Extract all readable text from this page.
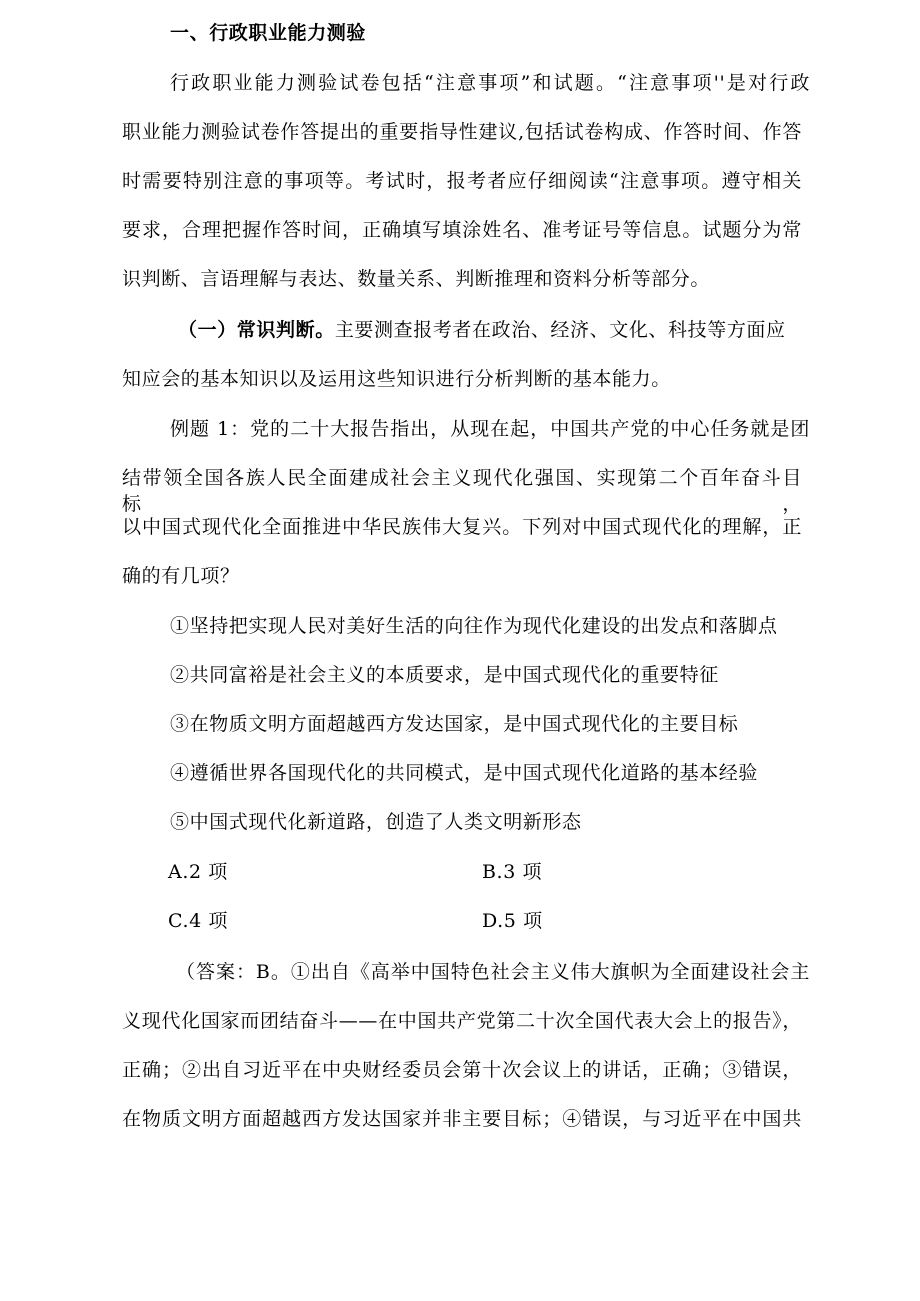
一、行政职业能力测验
行政职业能力测验试卷包括“注意事项”和试题。“注意事项''是对行政
职业能力测验试卷作答提出的重要指导性建议,包括试卷构成、作答时间、作答
时需要特别注意的事项等。考试时，报考者应仔细阅读“注意事项。遵守相关
要求，合理把握作答时间，正确填写填涂姓名、准考证号等信息。试题分为常
识判断、言语理解与表达、数量关系、判断推理和资料分析等部分。
（一）常识判断。主要测查报考者在政治、经济、文化、科技等方面应
知应会的基本知识以及运用这些知识进行分析判断的基本能力。
例题 1：党的二十大报告指出，从现在起，中国共产党的中心任务就是团
结带领全国各族人民全面建成社会主义现代化强国、实现第二个百年奋斗目标，
以中国式现代化全面推进中华民族伟大复兴。下列对中国式现代化的理解，正
确的有几项？
①坚持把实现人民对美好生活的向往作为现代化建设的出发点和落脚点
②共同富裕是社会主义的本质要求，是中国式现代化的重要特征
③在物质文明方面超越西方发达国家，是中国式现代化的主要目标
④遵循世界各国现代化的共同模式，是中国式现代化道路的基本经验
⑤中国式现代化新道路，创造了人类文明新形态
A.2 项	B.3 项
C.4 项	D.5 项
（答案：B。①出自《高举中国特色社会主义伟大旗帜为全面建设社会主
义现代化国家而团结奋斗——在中国共产党第二十次全国代表大会上的报告》，
正确；②出自习近平在中央财经委员会第十次会议上的讲话，正确；③错误，
在物质文明方面超越西方发达国家并非主要目标；④错误，与习近平在中国共
